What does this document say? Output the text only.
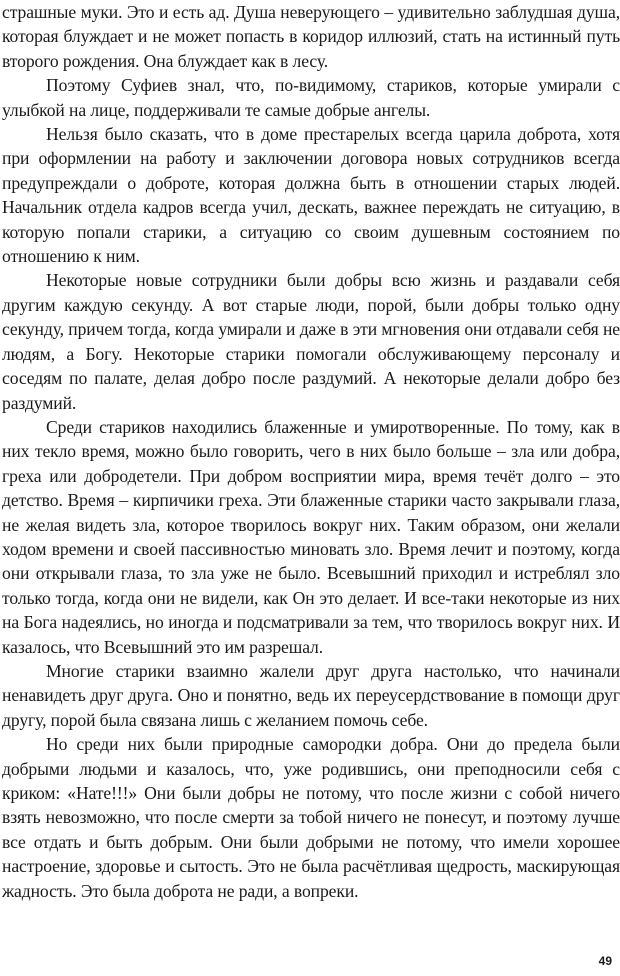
страшные муки. Это и есть ад. Душа неверующего – удивительно заблудшая душа, которая блуждает и не может попасть в коридор иллюзий, стать на истинный путь второго рождения. Она блуждает как в лесу.

Поэтому Суфиев знал, что, по-видимому, стариков, которые умирали с улыбкой на лице, поддерживали те самые добрые ангелы.

Нельзя было сказать, что в доме престарелых всегда царила доброта, хотя при оформлении на работу и заключении договора новых сотрудников всегда предупреждали о доброте, которая должна быть в отношении старых людей. Начальник отдела кадров всегда учил, дескать, важнее переждать не ситуацию, в которую попали старики, а ситуацию со своим душевным состоянием по отношению к ним.

Некоторые новые сотрудники были добры всю жизнь и раздавали себя другим каждую секунду. А вот старые люди, порой, были добры только одну секунду, причем тогда, когда умирали и даже в эти мгновения они отдавали себя не людям, а Богу. Некоторые старики помогали обслуживающему персоналу и соседям по палате, делая добро после раздумий. А некоторые делали добро без раздумий.

Среди стариков находились блаженные и умиротворенные. По тому, как в них текло время, можно было говорить, чего в них было больше – зла или добра, греха или добродетели. При добром восприятии мира, время течёт долго – это детство. Время – кирпичики греха. Эти блаженные старики часто закрывали глаза, не желая видеть зла, которое творилось вокруг них. Таким образом, они желали ходом времени и своей пассивностью миновать зло. Время лечит и поэтому, когда они открывали глаза, то зла уже не было. Всевышний приходил и истреблял зло только тогда, когда они не видели, как Он это делает. И все-таки некоторые из них на Бога надеялись, но иногда и подсматривали за тем, что творилось вокруг них. И казалось, что Всевышний это им разрешал.

Многие старики взаимно жалели друг друга настолько, что начинали ненавидеть друг друга. Оно и понятно, ведь их переусердствование в помощи друг другу, порой была связана лишь с желанием помочь себе.

Но среди них были природные самородки добра. Они до предела были добрыми людьми и казалось, что, уже родившись, они преподносили себя с криком: «Нате!!!» Они были добры не потому, что после жизни с собой ничего взять невозможно, что после смерти за тобой ничего не понесут, и поэтому лучше все отдать и быть добрым. Они были добрыми не потому, что имели хорошее настроение, здоровье и сытость. Это не была расчётливая щедрость, маскирующая жадность. Это была доброта не ради, а вопреки.

49
